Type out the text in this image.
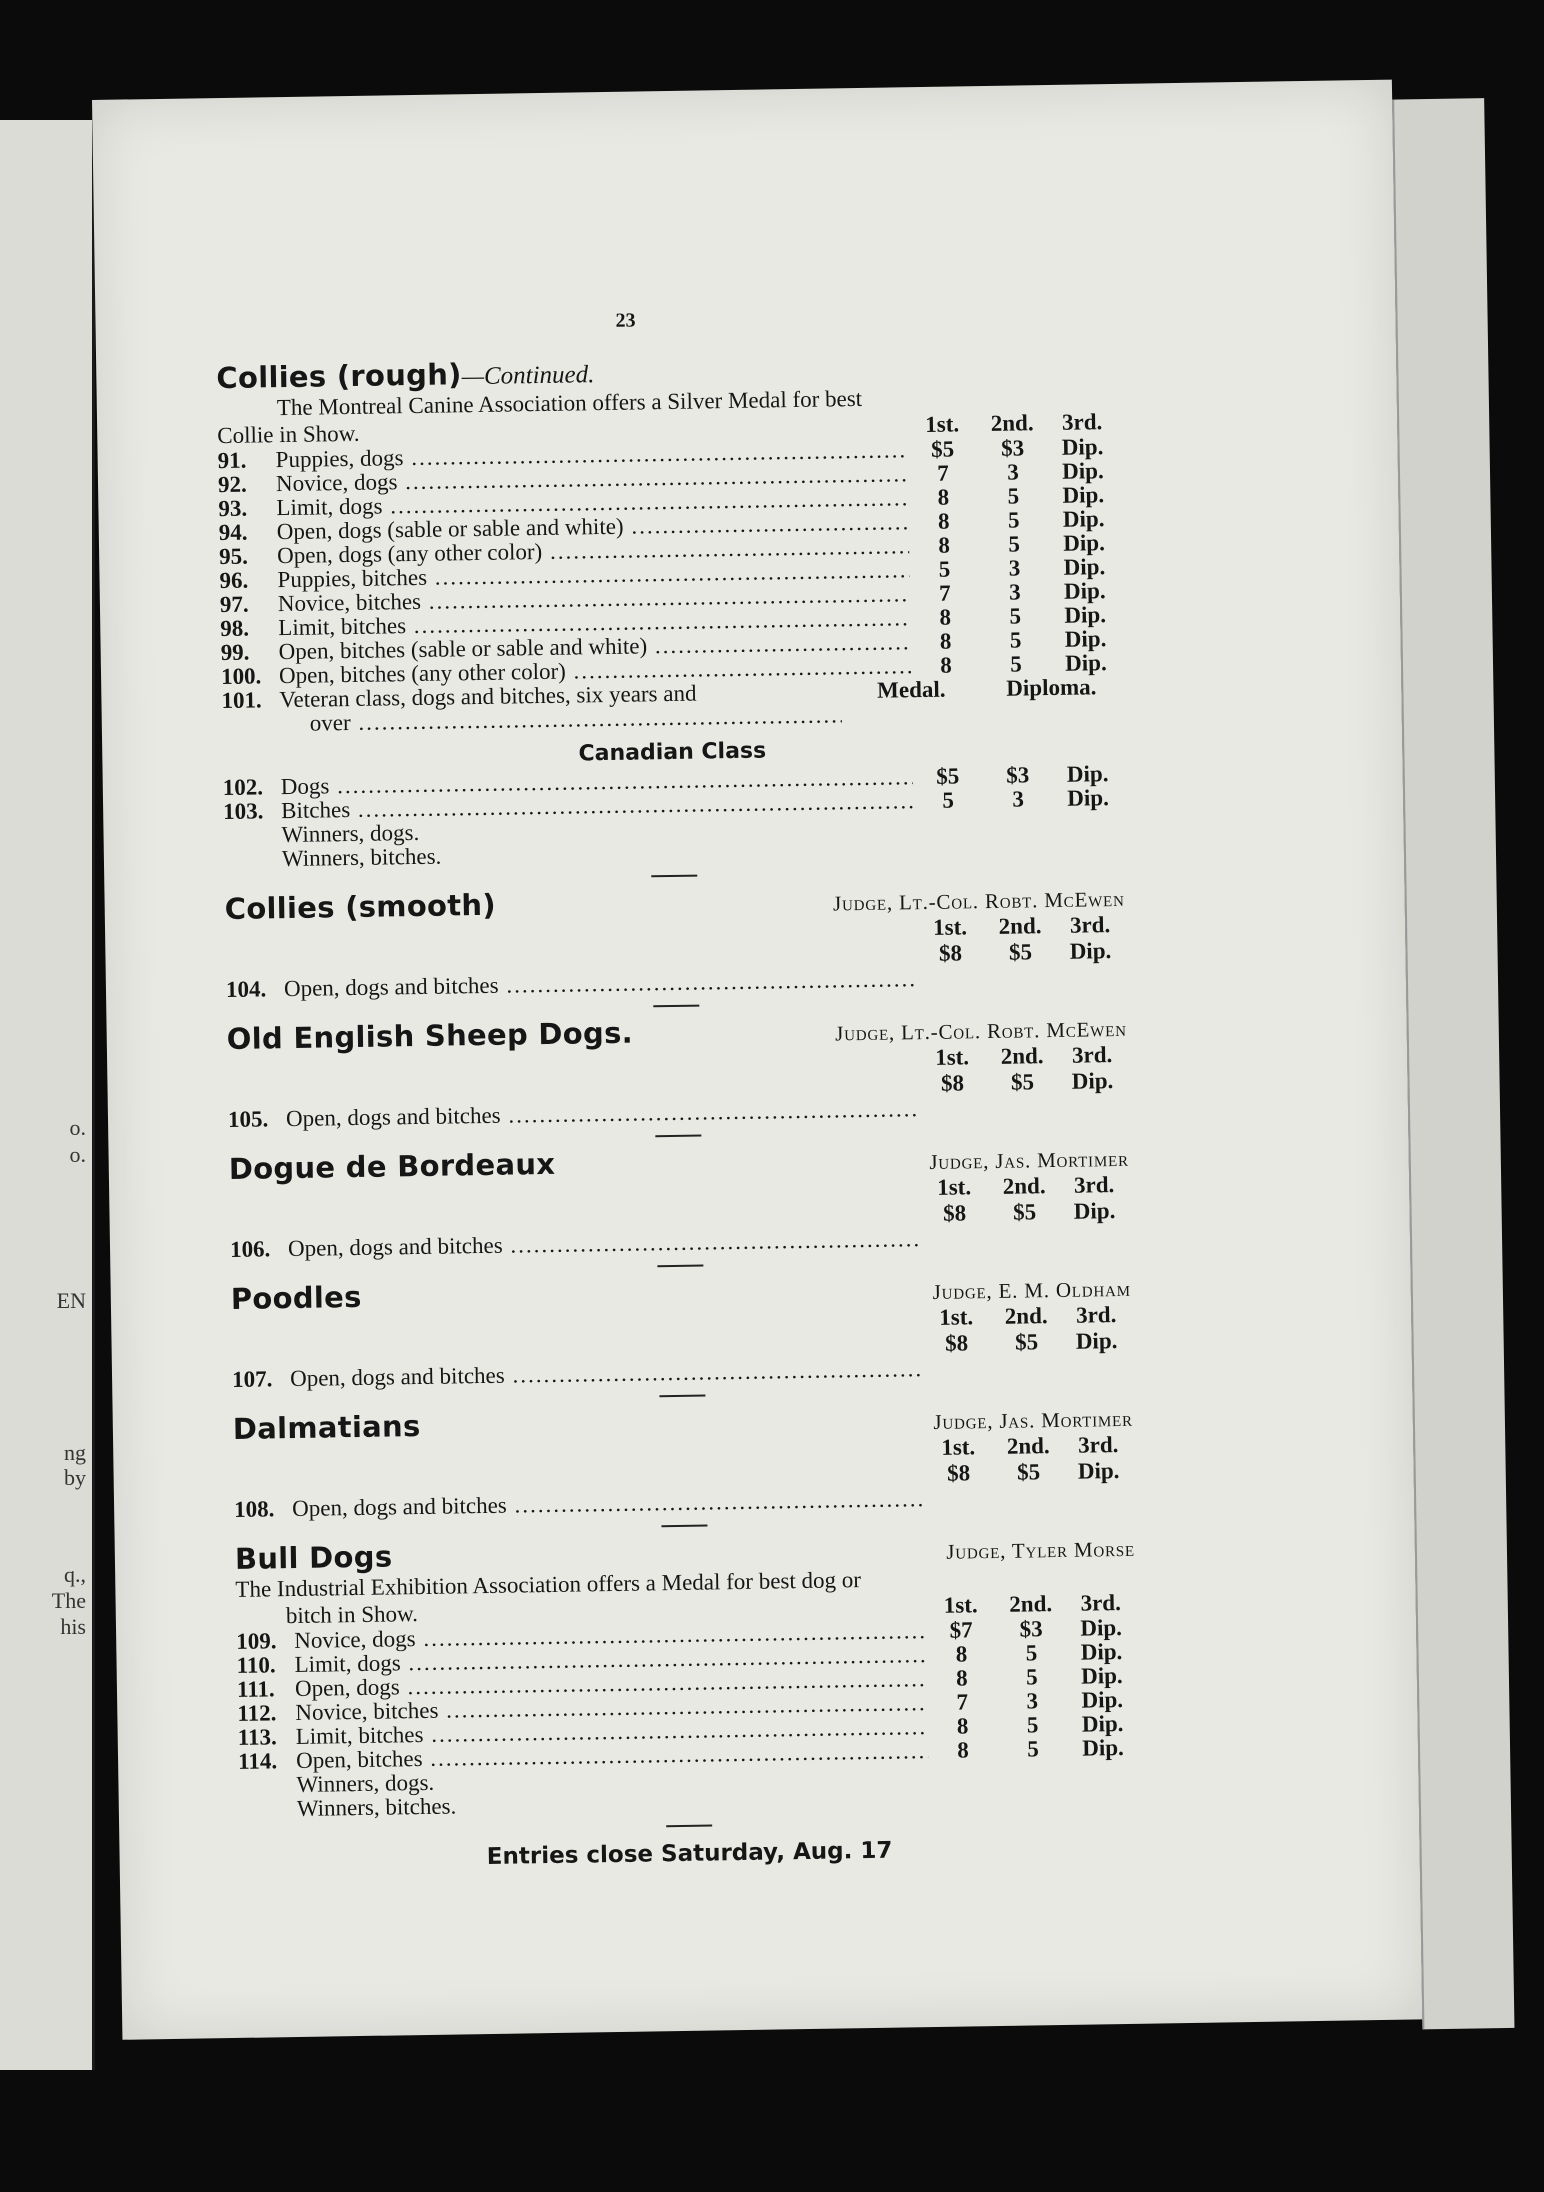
o.
o.
EN
ng
by
q.,
The
his
23
Collies (rough)—Continued.
The Montreal Canine Association offers a Silver Medal for best
Collie in Show.	1st.	2nd.	3rd.
91.	Puppies, dogs .....	$5	$3	Dip.
92.	Novice, dogs .....	7	3	Dip.
93.	Limit, dogs .....	8	5	Dip.
94.	Open, dogs (sable or sable and white) .....	8	5	Dip.
95.	Open, dogs (any other color) .....	8	5	Dip.
96.	Puppies, bitches .....	5	3	Dip.
97.	Novice, bitches .....	7	3	Dip.
98.	Limit, bitches .....	8	5	Dip.
99.	Open, bitches (sable or sable and white) .....	8	5	Dip.
100. Open, bitches (any other color) .....	8	5	Dip.
101. Veteran class, dogs and bitches, six years and	Medal.	Diploma.
over .....
Canadian Class
102. Dogs .....	$5	$3	Dip.
103. Bitches .....	5	3	Dip.
Winners, dogs.
Winners, bitches.
Collies (smooth)	Judge, Lt.-Col. Robt. McEwen
1st.	2nd.	3rd.
$8	$5	Dip.
104. Open, dogs and bitches .....
Old English Sheep Dogs.	Judge, Lt.-Col. Robt. McEwen
1st.	2nd.	3rd.
$8	$5	Dip.
105. Open, dogs and bitches .....
Dogue de Bordeaux	Judge, Jas. Mortimer
1st.	2nd.	3rd.
$8	$5	Dip.
106. Open, dogs and bitches .....
Poodles	Judge, E. M. Oldham
1st.	2nd.	3rd.
$8	$5	Dip.
107. Open, dogs and bitches .....
Dalmatians	Judge, Jas. Mortimer
1st.	2nd.	3rd.
$8	$5	Dip.
108. Open, dogs and bitches .....
Bull Dogs	Judge, Tyler Morse
The Industrial Exhibition Association offers a Medal for best dog or
bitch in Show.	1st.	2nd.	3rd.
109. Novice, dogs .....	$7	$3	Dip.
110. Limit, dogs .....	8	5	Dip.
111. Open, dogs .....	8	5	Dip.
112. Novice, bitches .....	7	3	Dip.
113. Limit, bitches .....	8	5	Dip.
114. Open, bitches .....	8	5	Dip.
Winners, dogs.
Winners, bitches.
Entries close Saturday, Aug. 17
